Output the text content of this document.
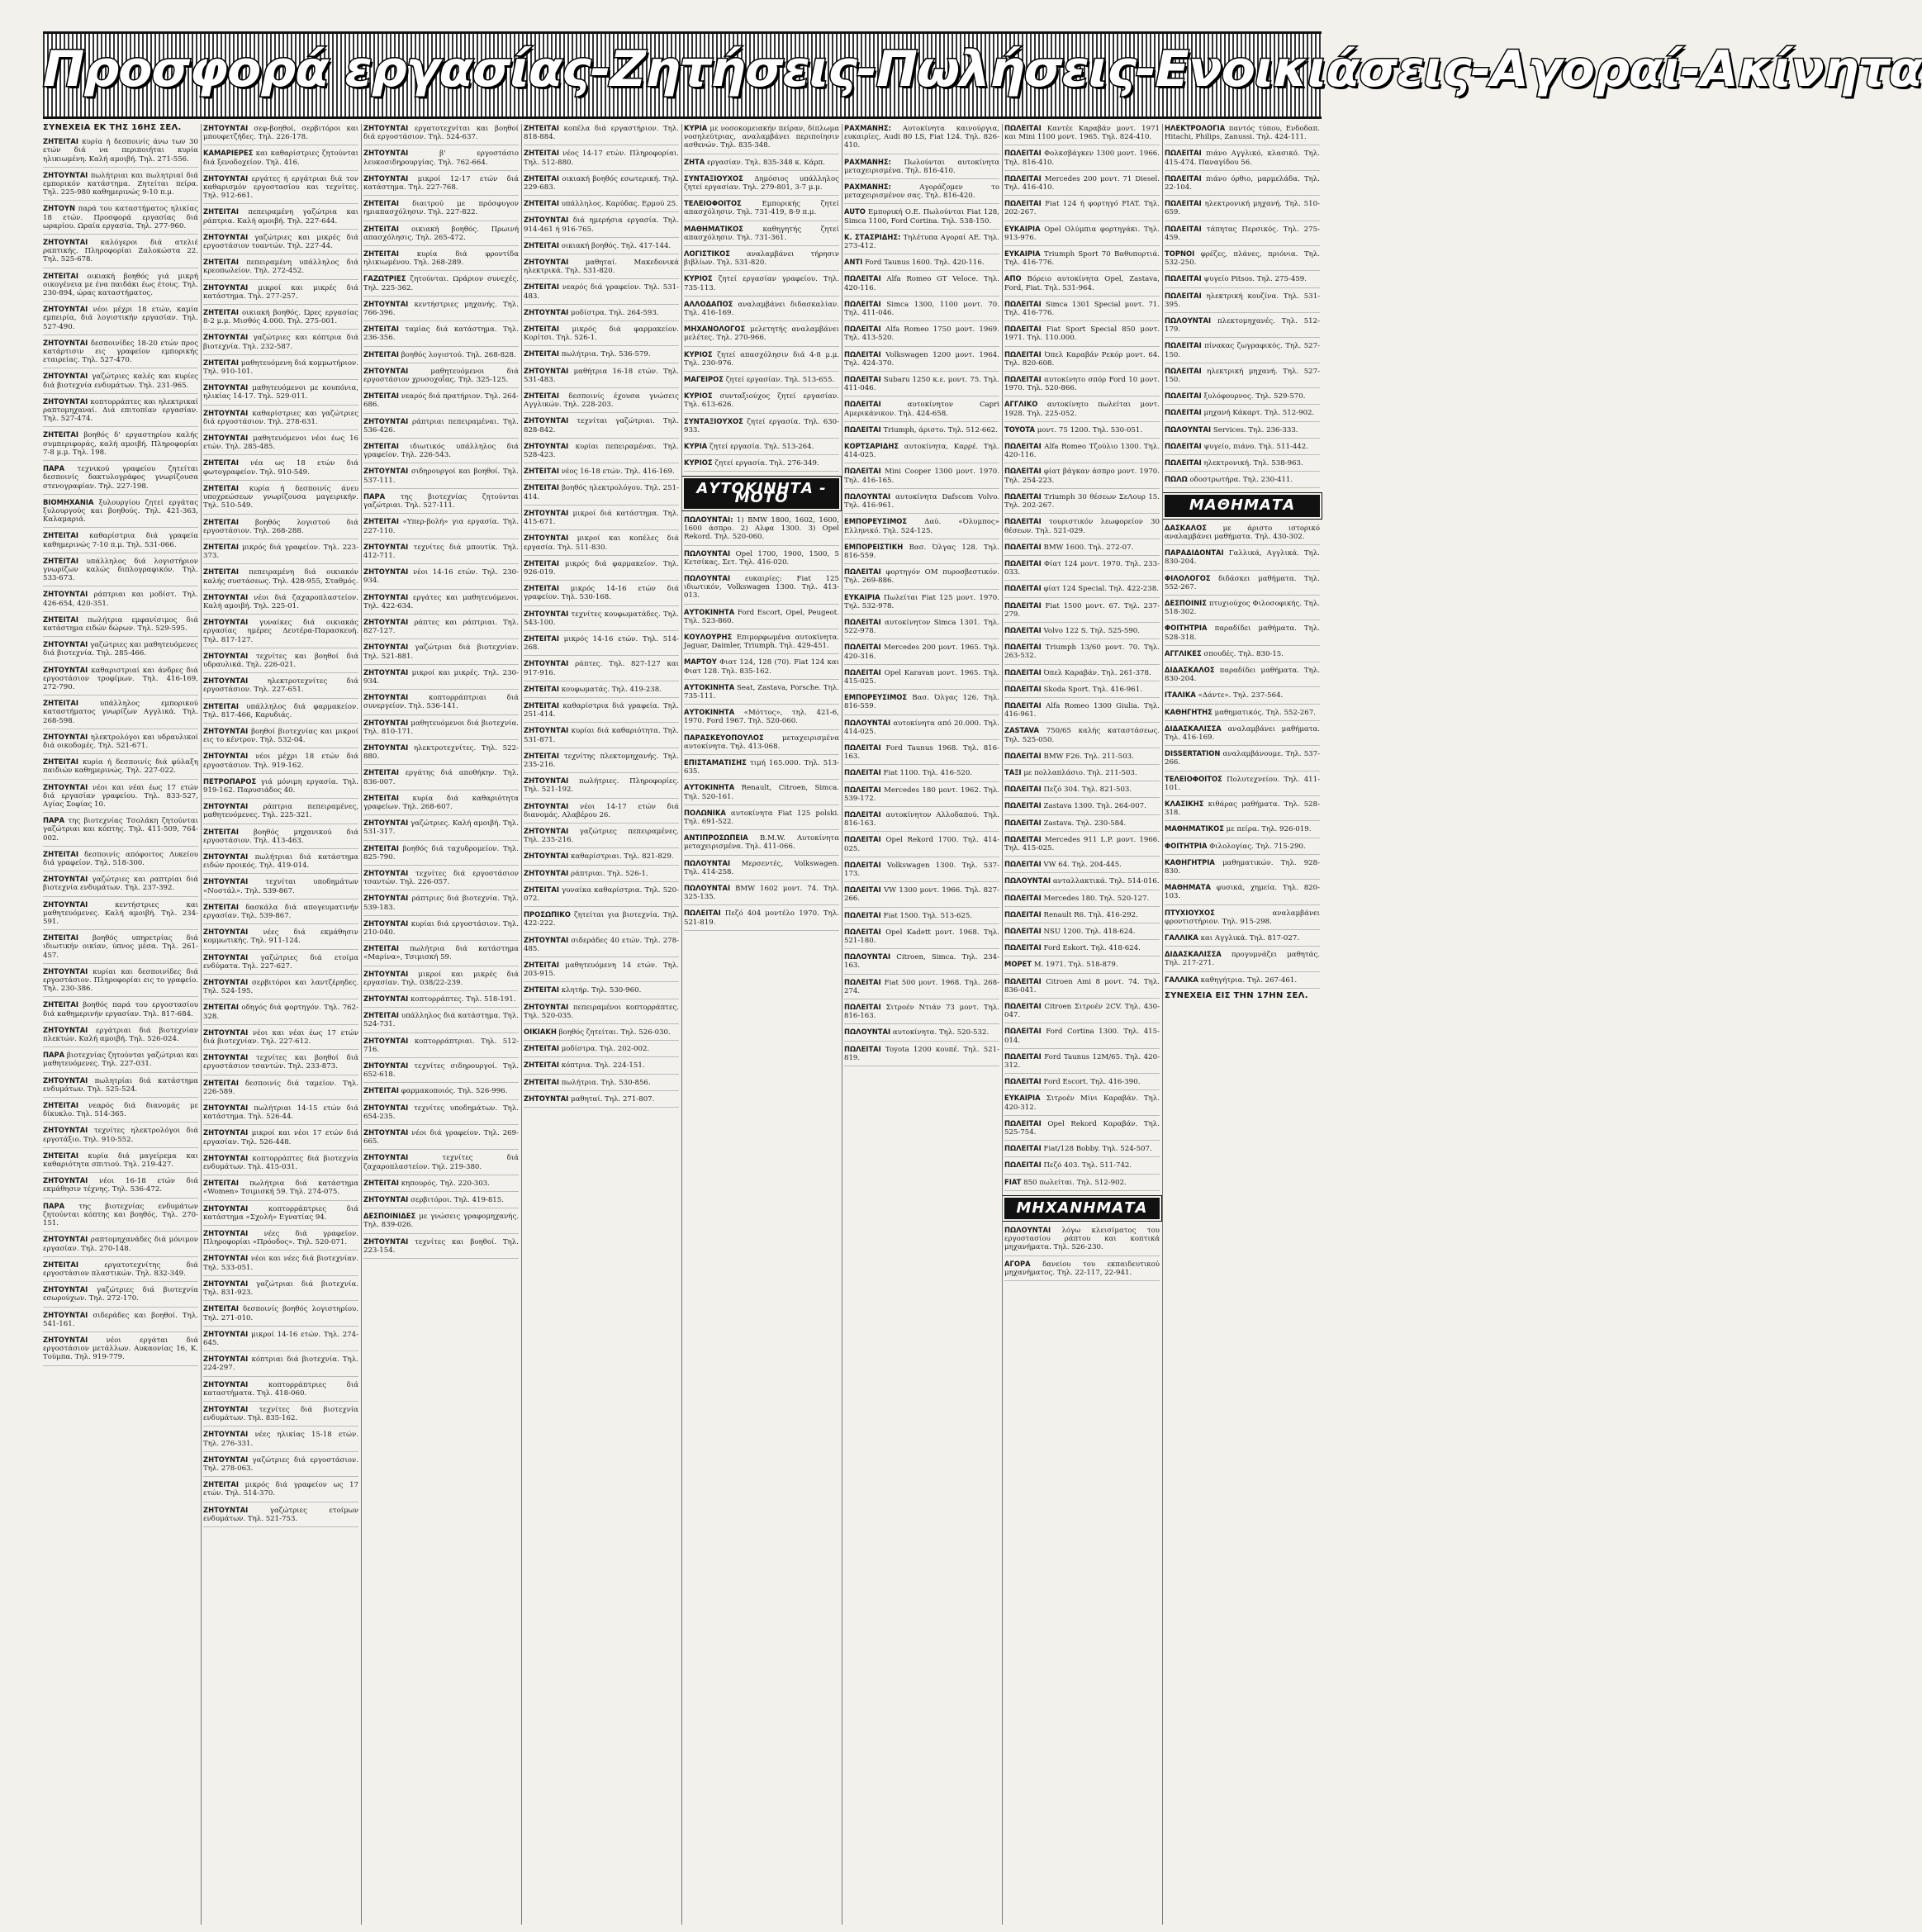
Προσφορά εργασίας-Ζητήσεις-Πωλήσεις-Ενοικιάσεις-Αγοραί-Ακίνητα
ΣΥΝΕΧΕΙΑ ΕΚ ΤΗΣ 16ΗΣ ΣΕΛ.
ΖΗΤΕΙΤΑΙ κυρία ή δεσποινίς άνω των 30 ετών διά να περιποιήται κυρία ηλικιωμένη. Καλή αμοιβή. Τηλ. 271-556.
ΖΗΤΟΥΝΤΑΙ πωλήτριαι και πωλητριαί διά εμπορικόν κατάστημα. Ζητείται πείρα. Τηλ. 225-980 καθημερινώς 9-10 π.μ.
ΖΗΤΟΥΝ παρά του καταστήματος ηλικίας 18 ετών. Προσφορά εργασίας διά ωραρίου. Ωραία εργασία. Τηλ. 277-960.
ΖΗΤΟΥΝΤΑΙ καλόγεροι διά ατελιέ ραπτικής. Πληροφορίαι Ζαλοκώστα 22. Τηλ. 525-678.
ΖΗΤΕΙΤΑΙ οικιακή βοηθός γιά μικρή οικογένεια με ένα παιδάκι έως έτους. Τηλ. 230-894, ώρας καταστήματος.
ΖΗΤΟΥΝΤΑΙ νέοι μέχρι 18 ετών, καμία εμπειρία, διά λογιστικήν εργασίαν. Τηλ. 527-490.
ΖΗΤΟΥΝΤΑΙ δεσποινίδες 18-20 ετών προς κατάρτισιν εις γραφείον εμπορικής εταιρείας. Τηλ. 527-470.
ΖΗΤΟΥΝΤΑΙ γαζώτριες καλές και κυρίες διά βιοτεχνία ενδυμάτων. Τηλ. 231-965.
ΖΗΤΟΥΝΤΑΙ κοπτορράπτες και ηλεκτρικαί ραπτομηχαναί. Διά επιτοπίαν εργασίαν. Τηλ. 527-474.
ΖΗΤΕΙΤΑΙ βοηθός δ' εργαστηρίου καλής συμπεριφοράς, καλή αμοιβή. Πληροφορίαι 7-8 μ.μ. Τηλ. 198.
ΠΑΡΑ τεχνικού γραφείου ζητείται δεσποινίς δακτυλογράφος γνωρίζουσα στενογραφίαν. Τηλ. 227-198.
ΒΙΟΜΗΧΑΝΙΑ ξυλουργίου ζητεί εργάτας ξυλουργούς και βοηθούς. Τηλ. 421-363, Καλαμαριά.
ΖΗΤΕΙΤΑΙ καθαρίστρια διά γραφεία καθημερινώς 7-10 π.μ. Τηλ. 531-066.
ΖΗΤΕΙΤΑΙ υπάλληλος διά λογιστήριον γνωρίζων καλώς διπλογραφικόν. Τηλ. 533-673.
ΖΗΤΟΥΝΤΑΙ ράπτριαι και μοδίστ. Τηλ. 426-654, 420-351.
ΖΗΤΕΙΤΑΙ πωλήτρια εμφανίσιμος διά κατάστημα ειδών δώρων. Τηλ. 529-595.
ΖΗΤΟΥΝΤΑΙ γαζώτριες και μαθητευόμενες διά βιοτεχνία. Τηλ. 285-466.
ΖΗΤΟΥΝΤΑΙ καθαριστριαί και άνδρες διά εργοστάσιον τροφίμων. Τηλ. 416-169, 272-790.
ΖΗΤΕΙΤΑΙ	υπάλληλος εμπορικού καταστήματος γνωρίζων Αγγλικά. Τηλ. 268-598.
ΖΗΤΟΥΝΤΑΙ ηλεκτρολόγοι και υδραυλικοί διά οικοδομές. Τηλ. 521-671.
ΖΗΤΕΙΤΑΙ κυρία ή δεσποινίς διά φύλαξη παιδιών καθημερινώς. Τηλ. 227-022.
ΖΗΤΟΥΝΤΑΙ νέοι και νέαι έως 17 ετών διά εργασίαν γραφείου. Τηλ. 833-527, Αγίας Σοφίας 10.
ΠΑΡΑ της βιοτεχνίας Τσολάκη ζητούνται γαζώτριαι και κόπτης. Τηλ. 411-509, 764-002.
ΖΗΤΕΙΤΑΙ δεσποινίς απόφοιτος Λυκείου διά γραφείον. Τηλ. 518-300.
ΖΗΤΟΥΝΤΑΙ γαζώτριες και ραπτρίαι διά βιοτεχνία ενδυμάτων. Τηλ. 237-392.
ΖΗΤΟΥΝΤΑΙ	κεντήστριες και μαθητευόμενες. Καλή αμοιβή. Τηλ. 234-591.
ΖΗΤΕΙΤΑΙ βοηθός υπηρετρίας διά ιδιωτικήν οικίαν, ύπνος μέσα. Τηλ. 261-457.
ΖΗΤΟΥΝΤΑΙ κυρίαι και δεσποινίδες διά εργοστάσιον. Πληροφορίαι εις το γραφείο. Τηλ. 230-386.
ΖΗΤΕΙΤΑΙ βοηθός παρά του εργοστασίου διά καθημερινήν εργασίαν. Τηλ. 817-684.
ΖΗΤΟΥΝΤΑΙ εργάτριαι διά βιοτεχνίαν πλεκτών. Καλή αμοιβή. Τηλ. 526-024.
ΠΑΡΑ βιοτεχνίας ζητούνται γαζώτριαι και μαθητευόμενες. Τηλ. 227-031.
ΖΗΤΟΥΝΤΑΙ πωλητρίαι διά κατάστημα ενδυμάτων. Τηλ. 525-524.
ΖΗΤΕΙΤΑΙ νεαρός διά διανομάς με δίκυκλο. Τηλ. 514-365.
ΖΗΤΟΥΝΤΑΙ τεχνίτες ηλεκτρολόγοι διά εργοτάξιο. Τηλ. 910-552.
ΖΗΤΕΙΤΑΙ κυρία διά μαγείρεμα και καθαριότητα σπιτιού. Τηλ. 219-427.
ΖΗΤΟΥΝΤΑΙ νέοι 16-18 ετών διά εκμάθησιν τέχνης. Τηλ. 536-472.
ΠΑΡΑ της βιοτεχνίας ενδυμάτων ζητούνται κόπτης και βοηθός. Τηλ. 270-151.
ΖΗΤΟΥΝΤΑΙ ραπτομηχανάδες διά μόνιμον εργασίαν. Τηλ. 270-148.
ΖΗΤΕΙΤΑΙ	εργατοτεχνίτης διά εργοστάσιον πλαστικών. Τηλ. 832-349.
ΖΗΤΟΥΝΤΑΙ γαζώτριες διά βιοτεχνία εσωρούχων. Τηλ. 272-170.
ΖΗΤΟΥΝΤΑΙ σιδεράδες και βοηθοί. Τηλ. 541-161.
ΖΗΤΟΥΝΤΑΙ	νέοι εργάται διά εργοστάσιον μετάλλων. Αυκαονίας 16, Κ. Τούμπα. Τηλ. 919-779.
ΖΗΤΟΥΝΤΑΙ σεφ-βοηθοί, σερβιτόροι και μπουφετζήδες. Τηλ. 226-178.
ΚΑΜΑΡΙΕΡΕΣ και καθαρίστριες ζητούνται διά ξενοδοχείον. Τηλ. 416.
ΖΗΤΟΥΝΤΑΙ εργάτες ή εργάτριαι διά τον καθαρισμόν εργοστασίου και τεχνίτες. Τηλ. 912-661.
ΖΗΤΕΙΤΑΙ πεπειραμένη γαζώτρια και ράπτρια. Καλή αμοιβή. Τηλ. 227-644.
ΖΗΤΟΥΝΤΑΙ γαζώτριες και μικρές διά εργοστάσιον τοαντών. Τηλ. 227-44.
ΖΗΤΕΙΤΑΙ πεπειραμένη υπάλληλος διά κρεοπωλείον. Τηλ. 272-452.
ΖΗΤΟΥΝΤΑΙ μικροί και μικρές διά κατάστημα. Τηλ. 277-257.
ΖΗΤΕΙΤΑΙ οικιακή βοηθός. Ώρες εργασίας 8-2 μ.μ. Μισθός 4.000. Τηλ. 275-001.
ΖΗΤΟΥΝΤΑΙ γαζώτριες και κόπτρια διά βιοτεχνία. Τηλ. 232-587.
ΖΗΤΕΙΤΑΙ μαθητευόμενη διά κομμωτήριον. Τηλ. 910-101.
ΖΗΤΟΥΝΤΑΙ μαθητευόμενοι με κουπόνια, ηλικίας 14-17. Τηλ. 529-011.
ΖΗΤΟΥΝΤΑΙ καθαρίστριες και γαζώτριες διά εργοστάσιον. Τηλ. 278-631.
ΖΗΤΟΥΝΤΑΙ μαθητευόμενοι νέοι έως 16 ετών. Τηλ. 285-485.
ΖΗΤΕΙΤΑΙ νέα ως 18 ετών διά φωτογραφείον. Τηλ. 910-549.
ΖΗΤΕΙΤΑΙ κυρία ή δεσποινίς άνευ υποχρεώσεων γνωρίζουσα μαγειρικήν. Τηλ. 510-549.
ΖΗΤΕΙΤΑΙ βοηθός λογιστού διά εργοστάσιον. Τηλ. 268-288.
ΖΗΤΕΙΤΑΙ μικρός διά γραφείον. Τηλ. 223-373.
ΖΗΤΕΙΤΑΙ πεπειραμένη διά οικιακόν καλής συστάσεως. Τηλ. 428-955, Σταθμός.
ΖΗΤΟΥΝΤΑΙ νέοι διά ζαχαροπλαστείον. Καλή αμοιβή. Τηλ. 225-01.
ΖΗΤΟΥΝΤΑΙ γυναίκες διά οικιακάς εργασίας ημέρες Δευτέρα-Παρασκευή. Τηλ. 817-127.
ΖΗΤΟΥΝΤΑΙ τεχνίτες και βοηθοί διά υδραυλικά. Τηλ. 226-021.
ΖΗΤΟΥΝΤΑΙ	ηλεκτροτεχνίτες διά εργοστάσιον. Τηλ. 227-651.
ΖΗΤΕΙΤΑΙ υπάλληλος διά φαρμακείον. Τηλ. 817-466, Καρυδιάς.
ΖΗΤΟΥΝΤΑΙ βοηθοί βιοτεχνίας και μικροί εις το κέντρον. Τηλ. 532-04.
ΖΗΤΟΥΝΤΑΙ νέοι μέχρι 18 ετών διά εργοστάσιον. Τηλ. 919-162.
ΠΕΤΡΟΠΑΡΟΣ γιά μόνιμη εργασία. Τηλ. 919-162. Παρυσιάδος 40.
ΖΗΤΟΥΝΤΑΙ ράπτρια πεπειραμένες, μαθητευόμενες. Τηλ. 225-321.
ΖΗΤΕΙΤΑΙ βοηθός μηχανικού διά εργοστάσιον. Τηλ. 413-463.
ΖΗΤΟΥΝΤΑΙ πωλήτριαι διά κατάστημα ειδών προικός. Τηλ. 419-014.
ΖΗΤΟΥΝΤΑΙ τεχνίται υποδημάτων «Νοστάλ». Τηλ. 539-867.
ΖΗΤΕΙΤΑΙ δασκάλα διά απογευματινήν εργασίαν. Τηλ. 539-867.
ΖΗΤΟΥΝΤΑΙ νέες διά εκμάθησιν κομμωτικής. Τηλ. 911-124.
ΖΗΤΟΥΝΤΑΙ γαζώτριες διά ετοίμα ενδύματα. Τηλ. 227-627.
ΖΗΤΟΥΝΤΑΙ σερβιτόροι και λαντζέρηδες. Τηλ. 524-195.
ΖΗΤΕΙΤΑΙ οδηγός διά φορτηγόν. Τηλ. 762-328.
ΖΗΤΟΥΝΤΑΙ νέοι και νέαι έως 17 ετών διά βιοτεχνίαν. Τηλ. 227-612.
ΖΗΤΟΥΝΤΑΙ τεχνίτες και βοηθοί διά εργοστάσιον τσαντών. Τηλ. 233-873.
ΖΗΤΕΙΤΑΙ δεσποινίς διά ταμείον. Τηλ. 226-589.
ΖΗΤΟΥΝΤΑΙ πωλήτριαι 14-15 ετών διά κατάστημα. Τηλ. 526-44.
ΖΗΤΟΥΝΤΑΙ μικροί και νέοι 17 ετών διά εργασίαν. Τηλ. 526-448.
ΖΗΤΟΥΝΤΑΙ κοπτορράπτες διά βιοτεχνία ενδυμάτων. Τηλ. 415-031.
ΖΗΤΕΙΤΑΙ πωλήτρια διά κατάστημα «Women» Τσιμισκή 59. Τηλ. 274-075.
ΖΗΤΟΥΝΤΑΙ	κοπτορράπτριες διά κατάστημα «Σχολή» Εγνατίας 94.
ΖΗΤΟΥΝΤΑΙ νέες διά γραφείον. Πληροφορίαι «Πρόοδος». Τηλ. 520-071.
ΖΗΤΟΥΝΤΑΙ νέοι και νέες διά βιοτεχνίαν. Τηλ. 533-051.
ΖΗΤΟΥΝΤΑΙ γαζώτριαι διά βιοτεχνία. Τηλ. 831-923.
ΖΗΤΕΙΤΑΙ δεσποινίς βοηθός λογιστηρίου. Τηλ. 271-010.
ΖΗΤΟΥΝΤΑΙ μικροί 14-16 ετών. Τηλ. 274-645.
ΖΗΤΟΥΝΤΑΙ κόπτριαι διά βιοτεχνία. Τηλ. 224-297.
ΖΗΤΟΥΝΤΑΙ	κοπτορράπτριες διά καταστήματα. Τηλ. 418-060.
ΖΗΤΟΥΝΤΑΙ τεχνίτες διά βιοτεχνία ενδυμάτων. Τηλ. 835-162.
ΖΗΤΟΥΝΤΑΙ νέες ηλικίας 15-18 ετών. Τηλ. 276-331.
ΖΗΤΟΥΝΤΑΙ γαζώτριες διά εργοστάσιον. Τηλ. 278-063.
ΖΗΤΕΙΤΑΙ μικρός διά γραφείον ως 17 ετών. Τηλ. 514-370.
ΖΗΤΟΥΝΤΑΙ	γαζώτριες ετοίμων ενδυμάτων. Τηλ. 521-753.
ΖΗΤΟΥΝΤΑΙ εργατοτεχνίται και βοηθοί διά εργοστάσιον. Τηλ. 524-637.
ΖΗΤΟΥΝΤΑΙ	β' εργοστάσιο λευκοσιδηρουργίας. Τηλ. 762-664.
ΖΗΤΟΥΝΤΑΙ μικροί 12-17 ετών διά κατάστημα. Τηλ. 227-768.
ΖΗΤΕΙΤΑΙ διαιτρού με πρόσφυγον ημιαπασχόλησιν. Τηλ. 227-822.
ΖΗΤΕΙΤΑΙ οικιακή βοηθός. Πρωινή απασχόλησις. Τηλ. 265-472.
ΖΗΤΕΙΤΑΙ	κυρία διά φροντίδα ηλικιωμένου. Τηλ. 268-289.
ΓΑΖΩΤΡΙΕΣ ζητούνται. Ωράριον συνεχές. Τηλ. 225-362.
ΖΗΤΟΥΝΤΑΙ κεντήστριες μηχανής. Τηλ. 766-396.
ΖΗΤΕΙΤΑΙ ταμίας διά κατάστημα. Τηλ. 236-356.
ΖΗΤΕΙΤΑΙ βοηθός λογιστού. Τηλ. 268-828.
ΖΗΤΟΥΝΤΑΙ	μαθητευόμενοι διά εργοστάσιον χρυσοχοΐας. Τηλ. 325-125.
ΖΗΤΕΙΤΑΙ νεαρός διά πρατήριον. Τηλ. 264-686.
ΖΗΤΟΥΝΤΑΙ ράπτριαι πεπειραμέναι. Τηλ. 536-426.
ΖΗΤΕΙΤΑΙ ιδιωτικός υπάλληλος διά γραφείον. Τηλ. 226-543.
ΖΗΤΟΥΝΤΑΙ σιδηρουργοί και βοηθοί. Τηλ. 537-111.
ΠΑΡΑ της βιοτεχνίας ζητούνται γαζώτριαι. Τηλ. 527-111.
ΖΗΤΕΙΤΑΙ «Υπερ-βολή» για εργασία. Τηλ. 227-110.
ΖΗΤΟΥΝΤΑΙ τεχνίτες διά μπουτίκ. Τηλ. 412-711.
ΖΗΤΟΥΝΤΑΙ νέοι 14-16 ετών. Τηλ. 230-934.
ΖΗΤΟΥΝΤΑΙ εργάτες και μαθητευόμενοι. Τηλ. 422-634.
ΖΗΤΟΥΝΤΑΙ ράπτες και ράπτριαι. Τηλ. 827-127.
ΖΗΤΟΥΝΤΑΙ γαζώτριαι διά βιοτεχνίαν. Τηλ. 521-881.
ΖΗΤΟΥΝΤΑΙ μικροί και μικρές. Τηλ. 230-934.
ΖΗΤΟΥΝΤΑΙ	κοπτορράπτριαι διά συνεργείον. Τηλ. 536-141.
ΖΗΤΟΥΝΤΑΙ μαθητευόμενοι διά βιοτεχνία. Τηλ. 810-171.
ΖΗΤΟΥΝΤΑΙ ηλεκτροτεχνίτες. Τηλ. 522-880.
ΖΗΤΕΙΤΑΙ εργάτης διά αποθήκην. Τηλ. 836-007.
ΖΗΤΕΙΤΑΙ κυρία διά καθαριότητα γραφείων. Τηλ. 268-607.
ΖΗΤΟΥΝΤΑΙ γαζώτριες. Καλή αμοιβή. Τηλ. 531-317.
ΖΗΤΕΙΤΑΙ βοηθός διά ταχυδρομείον. Τηλ. 825-790.
ΖΗΤΟΥΝΤΑΙ τεχνίτες διά εργοστάσιον τσαντών. Τηλ. 226-057.
ΖΗΤΟΥΝΤΑΙ ράπτριες διά βιοτεχνία. Τηλ. 539-183.
ΖΗΤΟΥΝΤΑΙ κυρίαι διά εργοστάσιον. Τηλ. 210-040.
ΖΗΤΕΙΤΑΙ πωλήτρια διά κατάστημα «Μαρίνα», Τσιμισκή 59.
ΖΗΤΟΥΝΤΑΙ μικροί και μικρές διά εργασίαν. Τηλ. 038/22-239.
ΖΗΤΟΥΝΤΑΙ κοπτορράπτες. Τηλ. 518-191.
ΖΗΤΕΙΤΑΙ υπάλληλος διά κατάστημα. Τηλ. 524-731.
ΖΗΤΟΥΝΤΑΙ κοπτορράπτριαι. Τηλ. 512-716.
ΖΗΤΟΥΝΤΑΙ τεχνίτες σιδηρουργοί. Τηλ. 652-618.
ΖΗΤΕΙΤΑΙ φαρμακοποιός. Τηλ. 526-996.
ΖΗΤΟΥΝΤΑΙ τεχνίτες υποδημάτων. Τηλ. 654-235.
ΖΗΤΟΥΝΤΑΙ νέοι διά γραφείον. Τηλ. 269-665.
ΖΗΤΟΥΝΤΑΙ	τεχνίτες διά ζαχαροπλαστείον. Τηλ. 219-380.
ΖΗΤΕΙΤΑΙ κηπουρός. Τηλ. 220-303.
ΖΗΤΟΥΝΤΑΙ σερβιτόροι. Τηλ. 419-815.
ΔΕΣΠΟΙΝΙΔΕΣ με γνώσεις γραφομηχανής. Τηλ. 839-026.
ΖΗΤΟΥΝΤΑΙ τεχνίτες και βοηθοί. Τηλ. 223-154.
ΖΗΤΕΙΤΑΙ κοπέλα διά εργαστήριον. Τηλ. 818-884.
ΖΗΤΕΙΤΑΙ νέος 14-17 ετών. Πληροφορίαι. Τηλ. 512-880.
ΖΗΤΕΙΤΑΙ οικιακή βοηθός εσωτερική. Τηλ. 229-683.
ΖΗΤΕΙΤΑΙ υπάλληλος. Καρύδας. Ερμού 25.
ΖΗΤΟΥΝΤΑΙ διά ημερήσια εργασία. Τηλ. 914-461 ή 916-765.
ΖΗΤΕΙΤΑΙ οικιακή βοηθός. Τηλ. 417-144.
ΖΗΤΟΥΝΤΑΙ μαθηταί. Μακεδονικά ηλεκτρικά. Τηλ. 531-820.
ΖΗΤΕΙΤΑΙ νεαρός διά γραφείον. Τηλ. 531-483.
ΖΗΤΟΥΝΤΑΙ μοδίστρα. Τηλ. 264-593.
ΖΗΤΕΙΤΑΙ μικρός διά φαρμακείον. Κορίτσι. Τηλ. 526-1.
ΖΗΤΕΙΤΑΙ πωλήτρια. Τηλ. 536-579.
ΖΗΤΟΥΝΤΑΙ μαθήτρια 16-18 ετών. Τηλ. 531-483.
ΖΗΤΕΙΤΑΙ δεσποινίς έχουσα γνώσεις Αγγλικών. Τηλ. 228-203.
ΖΗΤΟΥΝΤΑΙ τεχνίται γαζώτριαι. Τηλ. 828-842.
ΖΗΤΟΥΝΤΑΙ κυρίαι πεπειραμέναι. Τηλ. 528-423.
ΖΗΤΕΙΤΑΙ νέος 16-18 ετών. Τηλ. 416-169.
ΖΗΤΕΙΤΑΙ βοηθός ηλεκτρολόγου. Τηλ. 251-414.
ΖΗΤΟΥΝΤΑΙ μικροί διά κατάστημα. Τηλ. 415-671.
ΖΗΤΟΥΝΤΑΙ μικροί και κοπέλες διά εργασία. Τηλ. 511-830.
ΖΗΤΕΙΤΑΙ μικρός διά φαρμακείον. Τηλ. 926-019.
ΖΗΤΕΙΤΑΙ μικρός 14-16 ετών διά γραφείον. Τηλ. 530-168.
ΖΗΤΟΥΝΤΑΙ τεχνίτες κουφωματάδες. Τηλ. 543-100.
ΖΗΤΕΙΤΑΙ μικρός 14-16 ετών. Τηλ. 514-268.
ΖΗΤΟΥΝΤΑΙ ράπτες. Τηλ. 827-127 και 917-916.
ΖΗΤΕΙΤΑΙ κουφωματάς. Τηλ. 419-238.
ΖΗΤΕΙΤΑΙ καθαρίστρια διά γραφεία. Τηλ. 251-414.
ΖΗΤΟΥΝΤΑΙ κυρίαι διά καθαριότητα. Τηλ. 531-871.
ΖΗΤΕΙΤΑΙ τεχνίτης πλεκτομηχανής. Τηλ. 235-216.
ΖΗΤΟΥΝΤΑΙ πωλήτριες. Πληροφορίες. Τηλ. 521-192.
ΖΗΤΟΥΝΤΑΙ νέοι 14-17 ετών διά διανομάς. Αλαβέρου 26.
ΖΗΤΟΥΝΤΑΙ γαζώτριες πεπειραμένες. Τηλ. 235-216.
ΖΗΤΟΥΝΤΑΙ καθαρίστριαι. Τηλ. 821-829.
ΖΗΤΟΥΝΤΑΙ ράπτριαι. Τηλ. 526-1.
ΖΗΤΕΙΤΑΙ γυναίκα καθαρίστρια. Τηλ. 520-072.
ΠΡΟΣΩΠΙΚΟ ζητείται για βιοτεχνία. Τηλ. 422-222.
ΖΗΤΟΥΝΤΑΙ σιδεράδες 40 ετών. Τηλ. 278-485.
ΖΗΤΕΙΤΑΙ μαθητευόμενη 14 ετών. Τηλ. 203-915.
ΖΗΤΕΙΤΑΙ κλητήρ. Τηλ. 530-960.
ΖΗΤΟΥΝΤΑΙ πεπειραμένοι κοπτορράπτες. Τηλ. 520-035.
ΟΙΚΙΑΚΗ βοηθός ζητείται. Τηλ. 526-030.
ΖΗΤΕΙΤΑΙ μοδίστρα. Τηλ. 202-002.
ΖΗΤΕΙΤΑΙ κόπτρια. Τηλ. 224-151.
ΖΗΤΕΙΤΑΙ πωλήτρια. Τηλ. 530-856.
ΖΗΤΟΥΝΤΑΙ μαθηταί. Τηλ. 271-807.
ΚΥΡΙΑ με νοσοκομειακήν πείραν, δίπλωμα νοσηλεύτριας, αναλαμβάνει περιποίησιν ασθενών. Τηλ. 835-348.
ΖΗΤΑ εργασίαν. Τηλ. 835-348 κ. Κάρπ.
ΣΥΝΤΑΞΙΟΥΧΟΣ Δημόσιος υπάλληλος ζητεί εργασίαν. Τηλ. 279-801, 3-7 μ.μ.
ΤΕΛΕΙΟΦΟΙΤΟΣ	Εμπορικής ζητεί απασχόλησιν. Τηλ. 731-419, 8-9 π.μ.
ΜΑΘΗΜΑΤΙΚΟΣ	καθηγητής ζητεί απασχόλησιν. Τηλ. 731-361.
ΛΟΓΙΣΤΙΚΟΣ αναλαμβάνει τήρησιν βιβλίων. Τηλ. 531-820.
ΚΥΡΙΟΣ ζητεί εργασίαν γραφείου. Τηλ. 735-113.
ΑΛΛΟΔΑΠΟΣ αναλαμβάνει διδασκαλίαν. Τηλ. 416-169.
ΜΗΧΑΝΟΛΟΓΟΣ μελετητής αναλαμβάνει μελέτες. Τηλ. 270-966.
ΚΥΡΙΟΣ ζητεί απασχόλησιν διά 4-8 μ.μ. Τηλ. 230-976.
ΜΑΓΕΙΡΟΣ ζητεί εργασίαν. Τηλ. 513-655.
ΚΥΡΙΟΣ συνταξιούχος ζητεί εργασίαν. Τηλ. 613-626.
ΣΥΝΤΑΞΙΟΥΧΟΣ ζητεί εργασία. Τηλ. 630-933.
ΚΥΡΙΑ ζητεί εργασία. Τηλ. 513-264.
ΚΥΡΙΟΣ ζητεί εργασία. Τηλ. 276-349.
ΑΥΤΟΚΙΝΗΤΑ - ΜΟΤΟ
ΠΩΛΟΥΝΤΑΙ: 1) BMW 1800, 1602, 1600, 1600 άσπρο. 2) Αλφα 1300. 3) Opel Rekord. Τηλ. 520-060.
ΠΩΛΟΥΝΤΑΙ Opel 1700, 1900, 1500, 5 Κετσίκας, Σετ. Τηλ. 416-020.
ΠΩΛΟΥΝΤΑΙ ευκαιρίες: Fiat 125 ιδιωτικόν, Volkswagen 1300. Τηλ. 413-013.
ΑΥΤΟΚΙΝΗΤΑ Ford Escort, Opel, Peugeot. Τηλ. 523-860.
ΚΟΥΛΟΥΡΗΣ Επιμορφωμένα αυτοκίνητα. Jaguar, Daimler, Triumph. Τηλ. 429-451.
ΜΑΡΤΟΥ Φιατ 124, 128 (70). Fiat 124 και Φιατ 128. Τηλ. 835-162.
ΑΥΤΟΚΙΝΗΤΑ Seat, Zastava, Porsche. Τηλ. 735-111.
ΑΥΤΟΚΙΝΗΤΑ «Μόττος», τηλ. 421-6, 1970. Ford 1967. Τηλ. 520-060.
ΠΑΡΑΣΚΕΥΟΠΟΥΛΟΣ	μεταχειρισμένα αυτοκίνητα. Τηλ. 413-068.
ΕΠΙΣΤΑΜΑΤΙΣΗΣ τιμή 165.000. Τηλ. 513-635.
ΑΥΤΟΚΙΝΗΤΑ Renault, Citroen, Simca. Τηλ. 520-161.
ΠΟΛΩΝΙΚΑ αυτοκίνητα Fiat 125 polski. Τηλ. 691-522.
ΑΝΤΙΠΡΟΣΩΠΕΙΑ B.M.W. Αυτοκίνητα μεταχειρισμένα. Τηλ. 411-066.
ΠΩΛΟΥΝΤΑΙ Μερσεντές, Volkswagen. Τηλ. 414-258.
ΠΩΛΟΥΝΤΑΙ BMW 1602 μοντ. 74. Τηλ. 325-135.
ΠΩΛΕΙΤΑΙ Πεζό 404 μοντέλο 1970. Τηλ. 521-819.
ΡΑΧΜΑΝΗΣ: Αυτοκίνητα καινούργια, ευκαιρίες, Audi 80 LS, Fiat 124. Τηλ. 826-410.
ΡΑΧΜΑΝΗΣ: Πωλούνται αυτοκίνητα μεταχειρισμένα. Τηλ. 816-410.
ΡΑΧΜΑΝΗΣ:	Αγοράζομεν το μεταχειρισμένον σας. Τηλ. 816-420.
AUTO Εμπορική Ο.Ε. Πωλούνται Fiat 128, Simca 1100, Ford Cortina. Τηλ. 538-150.
Κ. ΣΤΑΣΡΙΔΗΣ: Τηλέτυπα Αγοραί ΑΕ. Τηλ. 273-412.
ΑΝΤΙ Ford Taunus 1600. Τηλ. 420-116.
ΠΩΛΕΙΤΑΙ Alfa Romeo GT Veloce. Τηλ. 420-116.
ΠΩΛΕΙΤΑΙ Simca 1300, 1100 μοντ. 70. Τηλ. 411-046.
ΠΩΛΕΙΤΑΙ Alfa Romeo 1750 μοντ. 1969. Τηλ. 413-520.
ΠΩΛΕΙΤΑΙ Volkswagen 1200 μοντ. 1964. Τηλ. 424-370.
ΠΩΛΕΙΤΑΙ Subaru 1250 κ.ε. μοντ. 75. Τηλ. 411-046.
ΠΩΛΕΙΤΑΙ	αυτοκίνητον Capri Αμερικάνικον. Τηλ. 424-658.
ΠΩΛΕΙΤΑΙ Triumph, άριστο. Τηλ. 512-662.
ΚΟΡΤΣΑΡΙΔΗΣ αυτοκίνητα, Καρρέ. Τηλ. 414-025.
ΠΩΛΕΙΤΑΙ Mini Cooper 1300 μοντ. 1970. Τηλ. 416-165.
ΠΩΛΟΥΝΤΑΙ αυτοκίνητα Dafscom Volvo. Τηλ. 416-961.
ΕΜΠΟΡΕΥΣΙΜΟΣ Δαύ. «Όλυμπος» Ελληνικό. Τηλ. 524-125.
ΕΜΠΟΡΕΙΣΤΙΚΗ Βασ. Όλγας 128. Τηλ. 816-559.
ΠΩΛΕΙΤΑΙ φορτηγόν ΟΜ πυροσβεστικόν. Τηλ. 269-886.
ΕΥΚΑΙΡΙΑ Πωλείται Fiat 125 μοντ. 1970. Τηλ. 532-978.
ΠΩΛΕΙΤΑΙ αυτοκίνητον Simca 1301. Τηλ. 522-978.
ΠΩΛΕΙΤΑΙ Mercedes 200 μοντ. 1965. Τηλ. 420-316.
ΠΩΛΕΙΤΑΙ Opel Karavan μοντ. 1965. Τηλ. 415-025.
ΕΜΠΟΡΕΥΣΙΜΟΣ Βασ. Όλγας 126. Τηλ. 816-559.
ΠΩΛΟΥΝΤΑΙ αυτοκίνητα από 20.000. Τηλ. 414-025.
ΠΩΛΕΙΤΑΙ Ford Taunus 1968. Τηλ. 816-163.
ΠΩΛΕΙΤΑΙ Fiat 1100. Τηλ. 416-520.
ΠΩΛΕΙΤΑΙ Mercedes 180 μοντ. 1962. Τηλ. 539-172.
ΠΩΛΕΙΤΑΙ αυτοκίνητον Αλλοδαπού. Τηλ. 816-163.
ΠΩΛΕΙΤΑΙ Opel Rekord 1700. Τηλ. 414-025.
ΠΩΛΕΙΤΑΙ Volkswagen 1300. Τηλ. 537-173.
ΠΩΛΕΙΤΑΙ VW 1300 μοντ. 1966. Τηλ. 827-266.
ΠΩΛΕΙΤΑΙ Fiat 1500. Τηλ. 513-625.
ΠΩΛΕΙΤΑΙ Opel Kadett μοντ. 1968. Τηλ. 521-180.
ΠΩΛΟΥΝΤΑΙ Citroen, Simca. Τηλ. 234-163.
ΠΩΛΕΙΤΑΙ Fiat 500 μοντ. 1968. Τηλ. 268-274.
ΠΩΛΕΙΤΑΙ Σιτροέν Ντιάν 73 μοντ. Τηλ. 816-163.
ΠΩΛΟΥΝΤΑΙ αυτοκίνητα. Τηλ. 520-532.
ΠΩΛΕΙΤΑΙ Toyota 1200 κουπέ. Τηλ. 521-819.
ΠΩΛΕΙΤΑΙ Καντέε Καραβάν μοντ. 1971 και Mini 1100 μοντ. 1965. Τηλ. 824-410.
ΠΩΛΕΙΤΑΙ Φολκσβάγκεν 1300 μοντ. 1966. Τηλ. 816-410.
ΠΩΛΕΙΤΑΙ Mercedes 200 μοντ. 71 Diesel. Τηλ. 416-410.
ΠΩΛΕΙΤΑΙ Fiat 124 ή φορτηγό FIAT. Τηλ. 202-267.
ΕΥΚΑΙΡΙΑ Opel Ολύμπια φορτηγάκι. Τηλ. 913-976.
ΕΥΚΑΙΡΙΑ Triumph Sport 70 Βαθυπορτιά. Τηλ. 416-776.
ΑΠΟ Βόρειο αυτοκίνητα Opel, Zastava, Ford, Fiat. Τηλ. 531-964.
ΠΩΛΕΙΤΑΙ Simca 1301 Special μοντ. 71. Τηλ. 416-776.
ΠΩΛΕΙΤΑΙ Fiat Sport Special 850 μοντ. 1971. Τηλ. 110.000.
ΠΩΛΕΙΤΑΙ Όπελ Καραβάν Ρεκόρ μοντ. 64. Τηλ. 820-608.
ΠΩΛΕΙΤΑΙ αυτοκίνητο σπόρ Ford 10 μοντ. 1970. Τηλ. 520-866.
ΑΓΓΛΙΚΟ αυτοκίνητο πωλείται μοντ. 1928. Τηλ. 225-052.
TOYOTA μοντ. 75 1200. Τηλ. 530-051.
ΠΩΛΕΙΤΑΙ Alfa Romeo Τζούλιο 1300. Τηλ. 420-116.
ΠΩΛΕΙΤΑΙ φίατ βάγκαν άσπρο μοντ. 1970. Τηλ. 254-223.
ΠΩΛΕΙΤΑΙ Triumph 30 θέσεων ΣεΛουρ 15. Τηλ. 202-267.
ΠΩΛΕΙΤΑΙ τουριστικόν λεωφορείον 30 θέσεων. Τηλ. 521-029.
ΠΩΛΕΙΤΑΙ BMW 1600. Τηλ. 272-07.
ΠΩΛΕΙΤΑΙ Φίατ 124 μοντ. 1970. Τηλ. 233-033.
ΠΩΛΕΙΤΑΙ φίατ 124 Special. Τηλ. 422-238.
ΠΩΛΕΙΤΑΙ Fiat 1500 μοντ. 67. Τηλ. 237-279.
ΠΩΛΕΙΤΑΙ Volvo 122 S. Τηλ. 525-590.
ΠΩΛΕΙΤΑΙ Triumph 13/60 μοντ. 70. Τηλ. 263-532.
ΠΩΛΕΙΤΑΙ Όπελ Καραβάν. Τηλ. 261-378.
ΠΩΛΕΙΤΑΙ Skoda Sport. Τηλ. 416-961.
ΠΩΛΕΙΤΑΙ Alfa Romeo 1300 Giulia. Τηλ. 416-961.
ZASTAVA 750/65 καλής καταστάσεως. Τηλ. 525-050.
ΠΩΛΕΙΤΑΙ BMW F26. Τηλ. 211-503.
ΤΑΞΙ με πολλαπλάσιο. Τηλ. 211-503.
ΠΩΛΕΙΤΑΙ Πεζό 304. Τηλ. 821-503.
ΠΩΛΕΙΤΑΙ Zastava 1300. Τηλ. 264-007.
ΠΩΛΕΙΤΑΙ Zastava. Τηλ. 230-584.
ΠΩΛΕΙΤΑΙ Mercedes 911 L.P. μοντ. 1966. Τηλ. 415-025.
ΠΩΛΕΙΤΑΙ VW 64. Τηλ. 204-445.
ΠΩΛΟΥΝΤΑΙ ανταλλακτικά. Τηλ. 514-016.
ΠΩΛΕΙΤΑΙ Mercedes 180. Τηλ. 520-127.
ΠΩΛΕΙΤΑΙ Renault R6. Τηλ. 416-292.
ΠΩΛΕΙΤΑΙ NSU 1200. Τηλ. 418-624.
ΠΩΛΕΙΤΑΙ Ford Eskort. Τηλ. 418-624.
ΜΟΡΕΤ Μ. 1971. Τηλ. 518-879.
ΠΩΛΕΙΤΑΙ Citroen Ami 8 μοντ. 74. Τηλ. 836-041.
ΠΩΛΕΙΤΑΙ Citroen Σιτροέν 2CV. Τηλ. 430-047.
ΠΩΛΕΙΤΑΙ Ford Cortina 1300. Τηλ. 415-014.
ΠΩΛΕΙΤΑΙ Ford Taunus 12M/65. Τηλ. 420-312.
ΠΩΛΕΙΤΑΙ Ford Escort. Τηλ. 416-390.
ΕΥΚΑΙΡΙΑ Σιτροέν Μίνι Καραβάν. Τηλ. 420-312.
ΠΩΛΕΙΤΑΙ Opel Rekord Καραβάν. Τηλ. 525-754.
ΠΩΛΕΙΤΑΙ Fiat/128 Bobby. Τηλ. 524-507.
ΠΩΛΕΙΤΑΙ Πεζό 403. Τηλ. 511-742.
FIAT 850 πωλείται. Τηλ. 512-902.
ΜΗΧΑΝΗΜΑΤΑ
ΠΩΛΟΥΝΤΑΙ λόγω κλεισίματος του εργοστασίου ράπτου και κοπτικά μηχανήματα. Τηλ. 526-230.
ΑΓΟΡΑ δανείου του εκπαιδευτικού μηχανήματος. Τηλ. 22-117, 22-941.
ΗΛΕΚΤΡΟΛΟΓΙΑ παντός τύπου, Ενδοδαπ. Hitachi, Philips, Zanussi. Τηλ. 424-111.
ΠΩΛΕΙΤΑΙ πιάνο Αγγλικό, κλασικό. Τηλ. 415-474. Παναγίδου 56.
ΠΩΛΕΙΤΑΙ πιάνο όρθιο, μαρμελάδα. Τηλ. 22-104.
ΠΩΛΕΙΤΑΙ ηλεκτρονική μηχανή. Τηλ. 510-659.
ΠΩΛΕΙΤΑΙ τάπητας Περσικός. Τηλ. 275-459.
ΤΟΡΝΟΙ φρέζες, πλάνες, πριόνια. Τηλ. 532-250.
ΠΩΛΕΙΤΑΙ ψυγείο Pitsos. Τηλ. 275-459.
ΠΩΛΕΙΤΑΙ ηλεκτρική κουζίνα. Τηλ. 531-395.
ΠΩΛΟΥΝΤΑΙ πλεκτομηχανές. Τηλ. 512-179.
ΠΩΛΕΙΤΑΙ πίνακας ζωγραφικός. Τηλ. 527-150.
ΠΩΛΕΙΤΑΙ ηλεκτρική μηχανή. Τηλ. 527-150.
ΠΩΛΕΙΤΑΙ ξυλόφουρνος. Τηλ. 529-570.
ΠΩΛΕΙΤΑΙ μηχανή Κάκαρτ. Τηλ. 512-902.
ΠΩΛΟΥΝΤΑΙ Services. Τηλ. 236-333.
ΠΩΛΕΙΤΑΙ ψυγείο, πιάνο. Τηλ. 511-442.
ΠΩΛΕΙΤΑΙ ηλεκτρονική. Τηλ. 538-963.
ΠΩΛΩ οδοστρωτήρα. Τηλ. 230-411.
ΜΑΘΗΜΑΤΑ
ΔΑΣΚΑΛΟΣ με άριστο ιστορικό αναλαμβάνει μαθήματα. Τηλ. 430-302.
ΠΑΡΑΔΙΔΟΝΤΑΙ Γαλλικά, Αγγλικά. Τηλ. 830-204.
ΦΙΛΟΛΟΓΟΣ διδάσκει μαθήματα. Τηλ. 552-267.
ΔΕΣΠΟΙΝΙΣ πτυχιούχος Φιλοσοφικής. Τηλ. 518-302.
ΦΟΙΤΗΤΡΙΑ παραδίδει μαθήματα. Τηλ. 528-318.
ΑΓΓΛΙΚΕΣ σπουδές. Τηλ. 830-15.
ΔΙΔΑΣΚΑΛΟΣ παραδίδει μαθήματα. Τηλ. 830-204.
ΙΤΑΛΙΚΑ «Δάντε». Τηλ. 237-564.
ΚΑΘΗΓΗΤΗΣ μαθηματικός. Τηλ. 552-267.
ΔΙΔΑΣΚΑΛΙΣΣΑ αναλαμβάνει μαθήματα. Τηλ. 416-169.
DISSERTATION αναλαμβάνουμε. Τηλ. 537-266.
ΤΕΛΕΙΟΦΟΙΤΟΣ Πολυτεχνείου. Τηλ. 411-101.
ΚΛΑΣΙΚΗΣ κιθάρας μαθήματα. Τηλ. 528-318.
ΜΑΘΗΜΑΤΙΚΟΣ με πείρα. Τηλ. 926-019.
ΦΟΙΤΗΤΡΙΑ Φιλολογίας. Τηλ. 715-290.
ΚΑΘΗΓΗΤΡΙΑ μαθηματικών. Τηλ. 928-830.
ΜΑΘΗΜΑΤΑ φυσικά, χημεία. Τηλ. 820-103.
ΠΤΥΧΙΟΥΧΟΣ	αναλαμβάνει φροντιστήριον. Τηλ. 915-298.
ΓΑΛΛΙΚΑ και Αγγλικά. Τηλ. 817-027.
ΔΙΔΑΣΚΑΛΙΣΣΑ προγυμνάζει μαθητάς. Τηλ. 217-271.
ΓΑΛΛΙΚΑ καθηγήτρια. Τηλ. 267-461.
ΣΥΝΕΧΕΙΑ ΕΙΣ ΤΗΝ 17ΗΝ ΣΕΛ.
